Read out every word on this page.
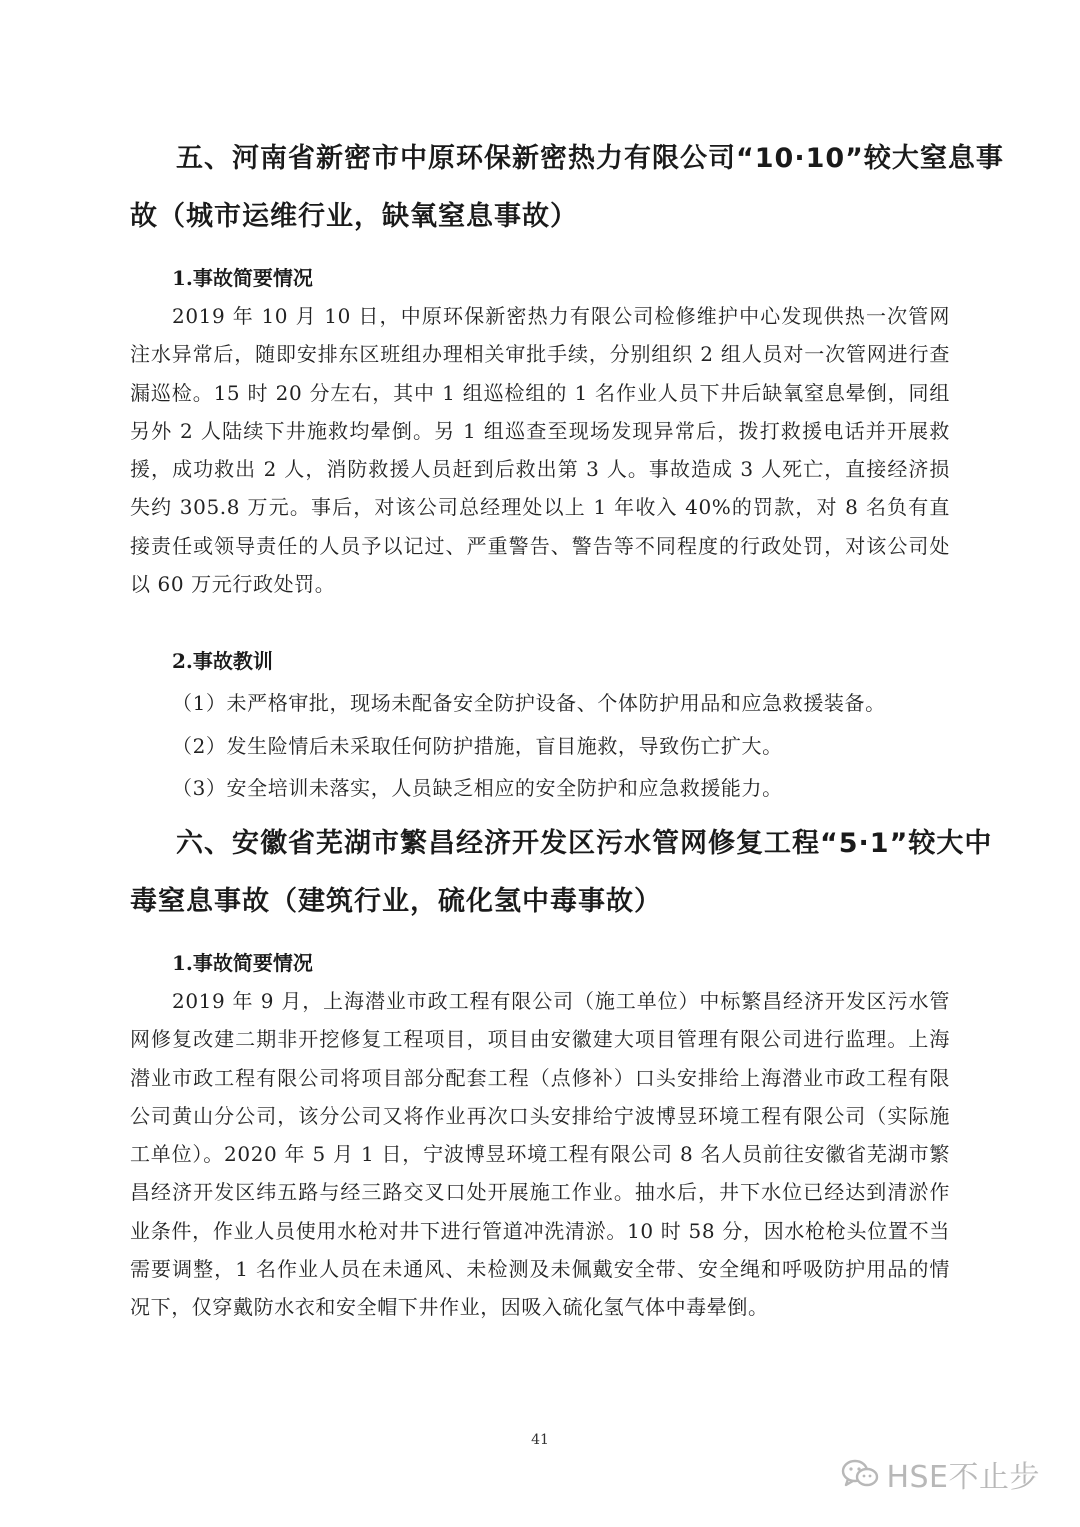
五、河南省新密市中原环保新密热力有限公司“10·10”较大窒息事
故（城市运维行业，缺氧窒息事故）
1.事故简要情况

2019 年 10 月 10 日，中原环保新密热力有限公司检修维护中心发现供热一次管网注水异常后，随即安排东区班组办理相关审批手续，分别组织 2 组人员对一次管网进行查漏巡检。15 时 20 分左右，其中 1 组巡检组的 1 名作业人员下井后缺氧窒息晕倒，同组另外 2 人陆续下井施救均晕倒。另 1 组巡查至现场发现异常后，拨打救援电话并开展救援，成功救出 2 人，消防救援人员赶到后救出第 3 人。事故造成 3 人死亡，直接经济损失约 305.8 万元。事后，对该公司总经理处以上 1 年收入 40%的罚款，对 8 名负有直接责任或领导责任的人员予以记过、严重警告、警告等不同程度的行政处罚，对该公司处以 60 万元行政处罚。

2.事故教训

（1）未严格审批，现场未配备安全防护设备、个体防护用品和应急救援装备。

（2）发生险情后未采取任何防护措施，盲目施救，导致伤亡扩大。

（3）安全培训未落实，人员缺乏相应的安全防护和应急救援能力。

六、安徽省芜湖市繁昌经济开发区污水管网修复工程“5·1”较大中
毒窒息事故（建筑行业，硫化氢中毒事故）
1.事故简要情况

2019 年 9 月，上海潜业市政工程有限公司（施工单位）中标繁昌经济开发区污水管网修复改建二期非开挖修复工程项目，项目由安徽建大项目管理有限公司进行监理。上海潜业市政工程有限公司将项目部分配套工程（点修补）口头安排给上海潜业市政工程有限公司黄山分公司，该分公司又将作业再次口头安排给宁波博昱环境工程有限公司（实际施工单位）。2020 年 5 月 1 日，宁波博昱环境工程有限公司 8 名人员前往安徽省芜湖市繁昌经济开发区纬五路与经三路交叉口处开展施工作业。抽水后，井下水位已经达到清淤作业条件，作业人员使用水枪对井下进行管道冲洗清淤。10 时 58 分，因水枪枪头位置不当需要调整，1 名作业人员在未通风、未检测及未佩戴安全带、安全绳和呼吸防护用品的情况下，仅穿戴防水衣和安全帽下井作业，因吸入硫化氢气体中毒晕倒。

41
HSE不止步
